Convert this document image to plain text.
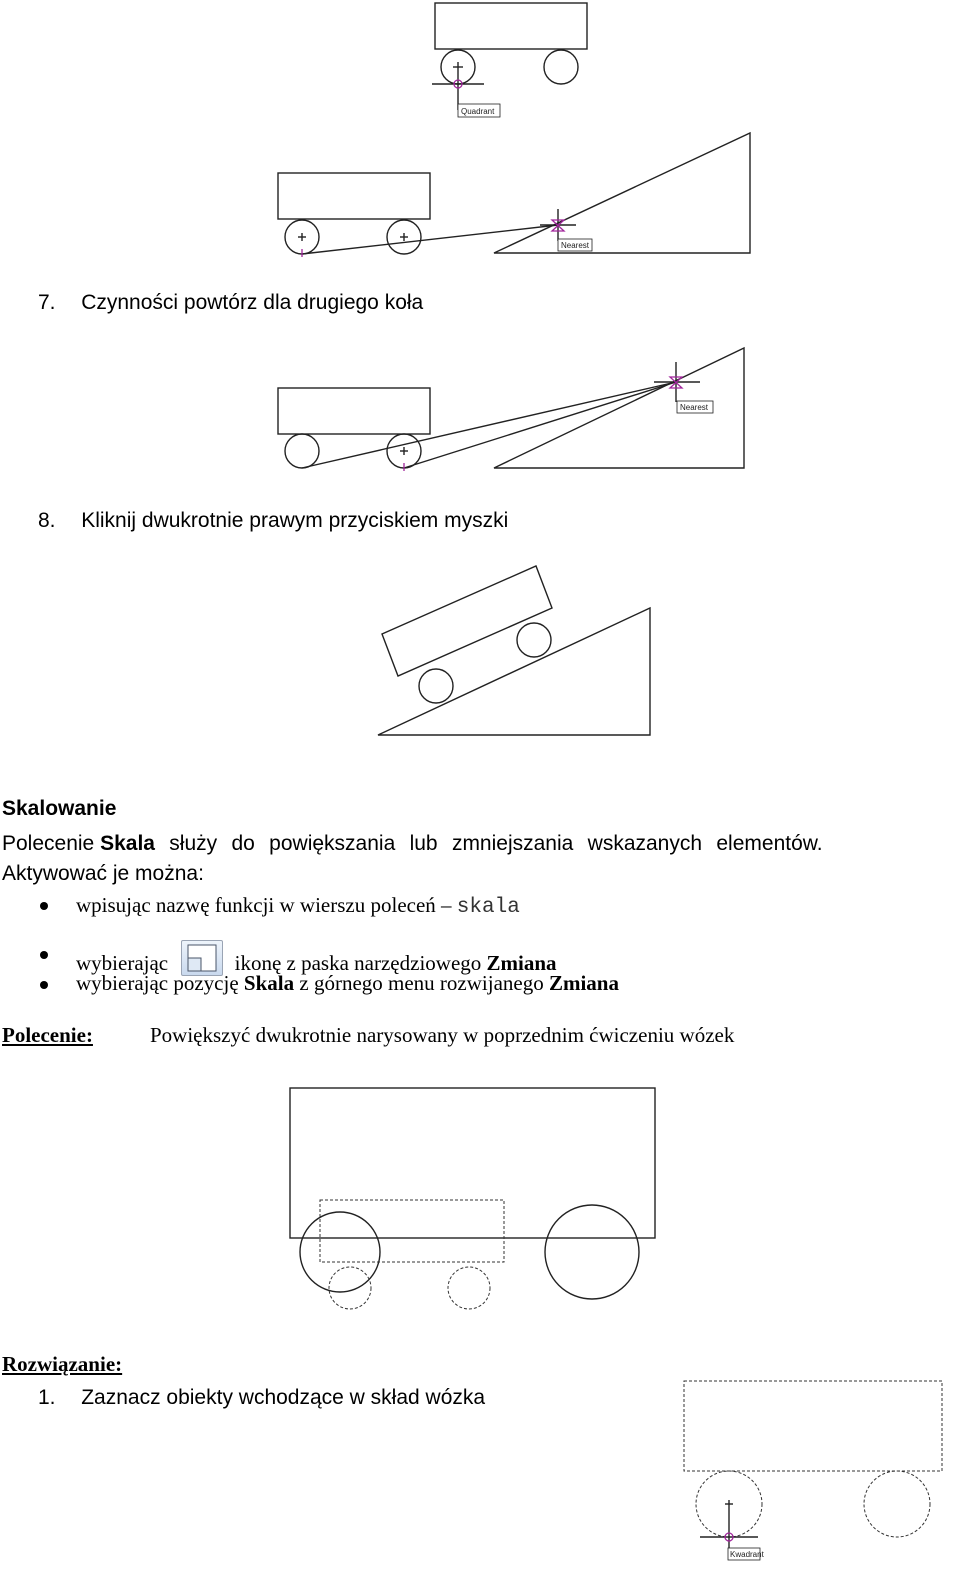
Quadrant
Nearest
7. Czynności powtórz dla drugiego koła
Nearest
8. Kliknij dwukrotnie prawym przyciskiem myszki
Skalowanie
Polecenie Skala służy do powiększania lub zmniejszania wskazanych elementów.
Aktywować je można:
wpisując nazwę funkcji w wierszu poleceń – skala
wybierając	ikonę z paska narzędziowego Zmiana
wybierając pozycję Skala z górnego menu rozwijanego Zmiana
Polecenie:	Powiększyć dwukrotnie narysowany w poprzednim ćwiczeniu wózek
Rozwiązanie:
1. Zaznacz obiekty wchodzące w skład wózka
Kwadrant
